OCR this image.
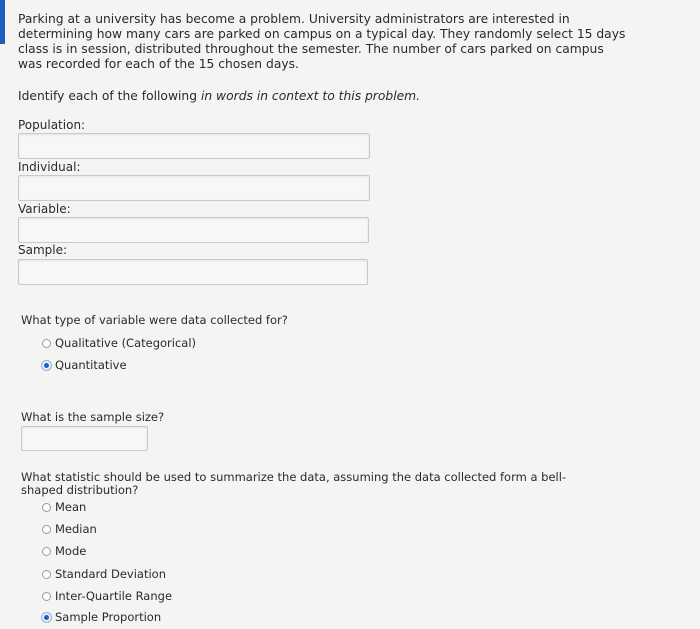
Parking at a university has become a problem. University administrators are interested in determining how many cars are parked on campus on a typical day. They randomly select 15 days class is in session, distributed throughout the semester. The number of cars parked on campus was recorded for each of the 15 chosen days.
Identify each of the following in words in context to this problem.
Population:
Individual:
Variable:
Sample:
What type of variable were data collected for?
Qualitative (Categorical)
Quantitative
What is the sample size?
What statistic should be used to summarize the data, assuming the data collected form a bell-shaped distribution?
Mean
Median
Mode
Standard Deviation
Inter-Quartile Range
Sample Proportion
